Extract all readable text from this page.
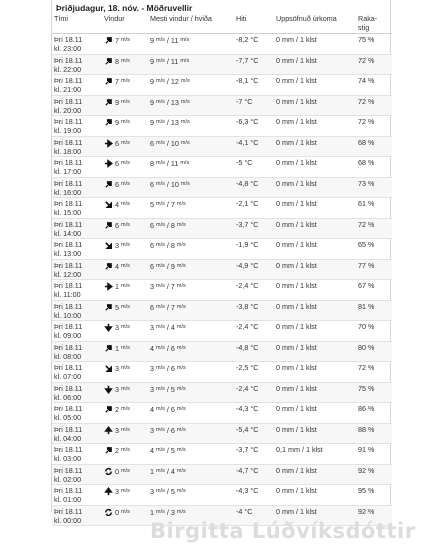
Þriðjudagur, 18. nóv. - Möðruvellir
Tími	Vindur	Mesti vindur / hviða	Hiti	Uppsöfnuð úrkoma	Raka-
stig
Þri 18.11
kl. 23:00	7 m/s	9 m/s / 11 m/s	-8,2 °C	0 mm / 1 klst	75 %
Þri 18.11
kl. 22:00	8 m/s	9 m/s / 11 m/s	-7,7 °C	0 mm / 1 klst	72 %
Þri 18.11
kl. 21:00	7 m/s	9 m/s / 12 m/s	-8,1 °C	0 mm / 1 klst	74 %
Þri 18.11
kl. 20:00	9 m/s	9 m/s / 13 m/s	-7 °C	0 mm / 1 klst	72 %
Þri 18.11
kl. 19:00	9 m/s	9 m/s / 13 m/s	-6,3 °C	0 mm / 1 klst	72 %
Þri 18.11
kl. 18:00	6 m/s	6 m/s / 10 m/s	-4,1 °C	0 mm / 1 klst	68 %
Þri 18.11
kl. 17:00	6 m/s	8 m/s / 11 m/s	-5 °C	0 mm / 1 klst	68 %
Þri 18.11
kl. 16:00	6 m/s	6 m/s / 10 m/s	-4,8 °C	0 mm / 1 klst	73 %
Þri 18.11
kl. 15:00	4 m/s	5 m/s / 7 m/s	-2,1 °C	0 mm / 1 klst	61 %
Þri 18.11
kl. 14:00	6 m/s	6 m/s / 8 m/s	-3,7 °C	0 mm / 1 klst	72 %
Þri 18.11
kl. 13:00	3 m/s	6 m/s / 8 m/s	-1,9 °C	0 mm / 1 klst	65 %
Þri 18.11
kl. 12:00	4 m/s	6 m/s / 9 m/s	-4,9 °C	0 mm / 1 klst	77 %
Þri 18.11
kl. 11:00	1 m/s	3 m/s / 7 m/s	-2,4 °C	0 mm / 1 klst	67 %
Þri 18.11
kl. 10:00	5 m/s	6 m/s / 7 m/s	-3,8 °C	0 mm / 1 klst	81 %
Þri 18.11
kl. 09:00	3 m/s	3 m/s / 4 m/s	-2,4 °C	0 mm / 1 klst	70 %
Þri 18.11
kl. 08:00	1 m/s	4 m/s / 6 m/s	-4,8 °C	0 mm / 1 klst	80 %
Þri 18.11
kl. 07:00	3 m/s	3 m/s / 6 m/s	-2,5 °C	0 mm / 1 klst	72 %
Þri 18.11
kl. 06:00	3 m/s	3 m/s / 5 m/s	-2,4 °C	0 mm / 1 klst	75 %
Þri 18.11
kl. 05:00	2 m/s	4 m/s / 6 m/s	-4,3 °C	0 mm / 1 klst	86 %
Þri 18.11
kl. 04:00	3 m/s	3 m/s / 6 m/s	-5,4 °C	0 mm / 1 klst	88 %
Þri 18.11
kl. 03:00	2 m/s	4 m/s / 5 m/s	-3,7 °C	0,1 mm / 1 klst	91 %
Þri 18.11
kl. 02:00	0 m/s	1 m/s / 4 m/s	-4,7 °C	0 mm / 1 klst	92 %
Þri 18.11
kl. 01:00	3 m/s	3 m/s / 5 m/s	-4,3 °C	0 mm / 1 klst	95 %
Þri 18.11
kl. 00:00	0 m/s	1 m/s / 3 m/s	-4 °C	0 mm / 1 klst	92 %
Birgitta Lúðvíksdóttir
